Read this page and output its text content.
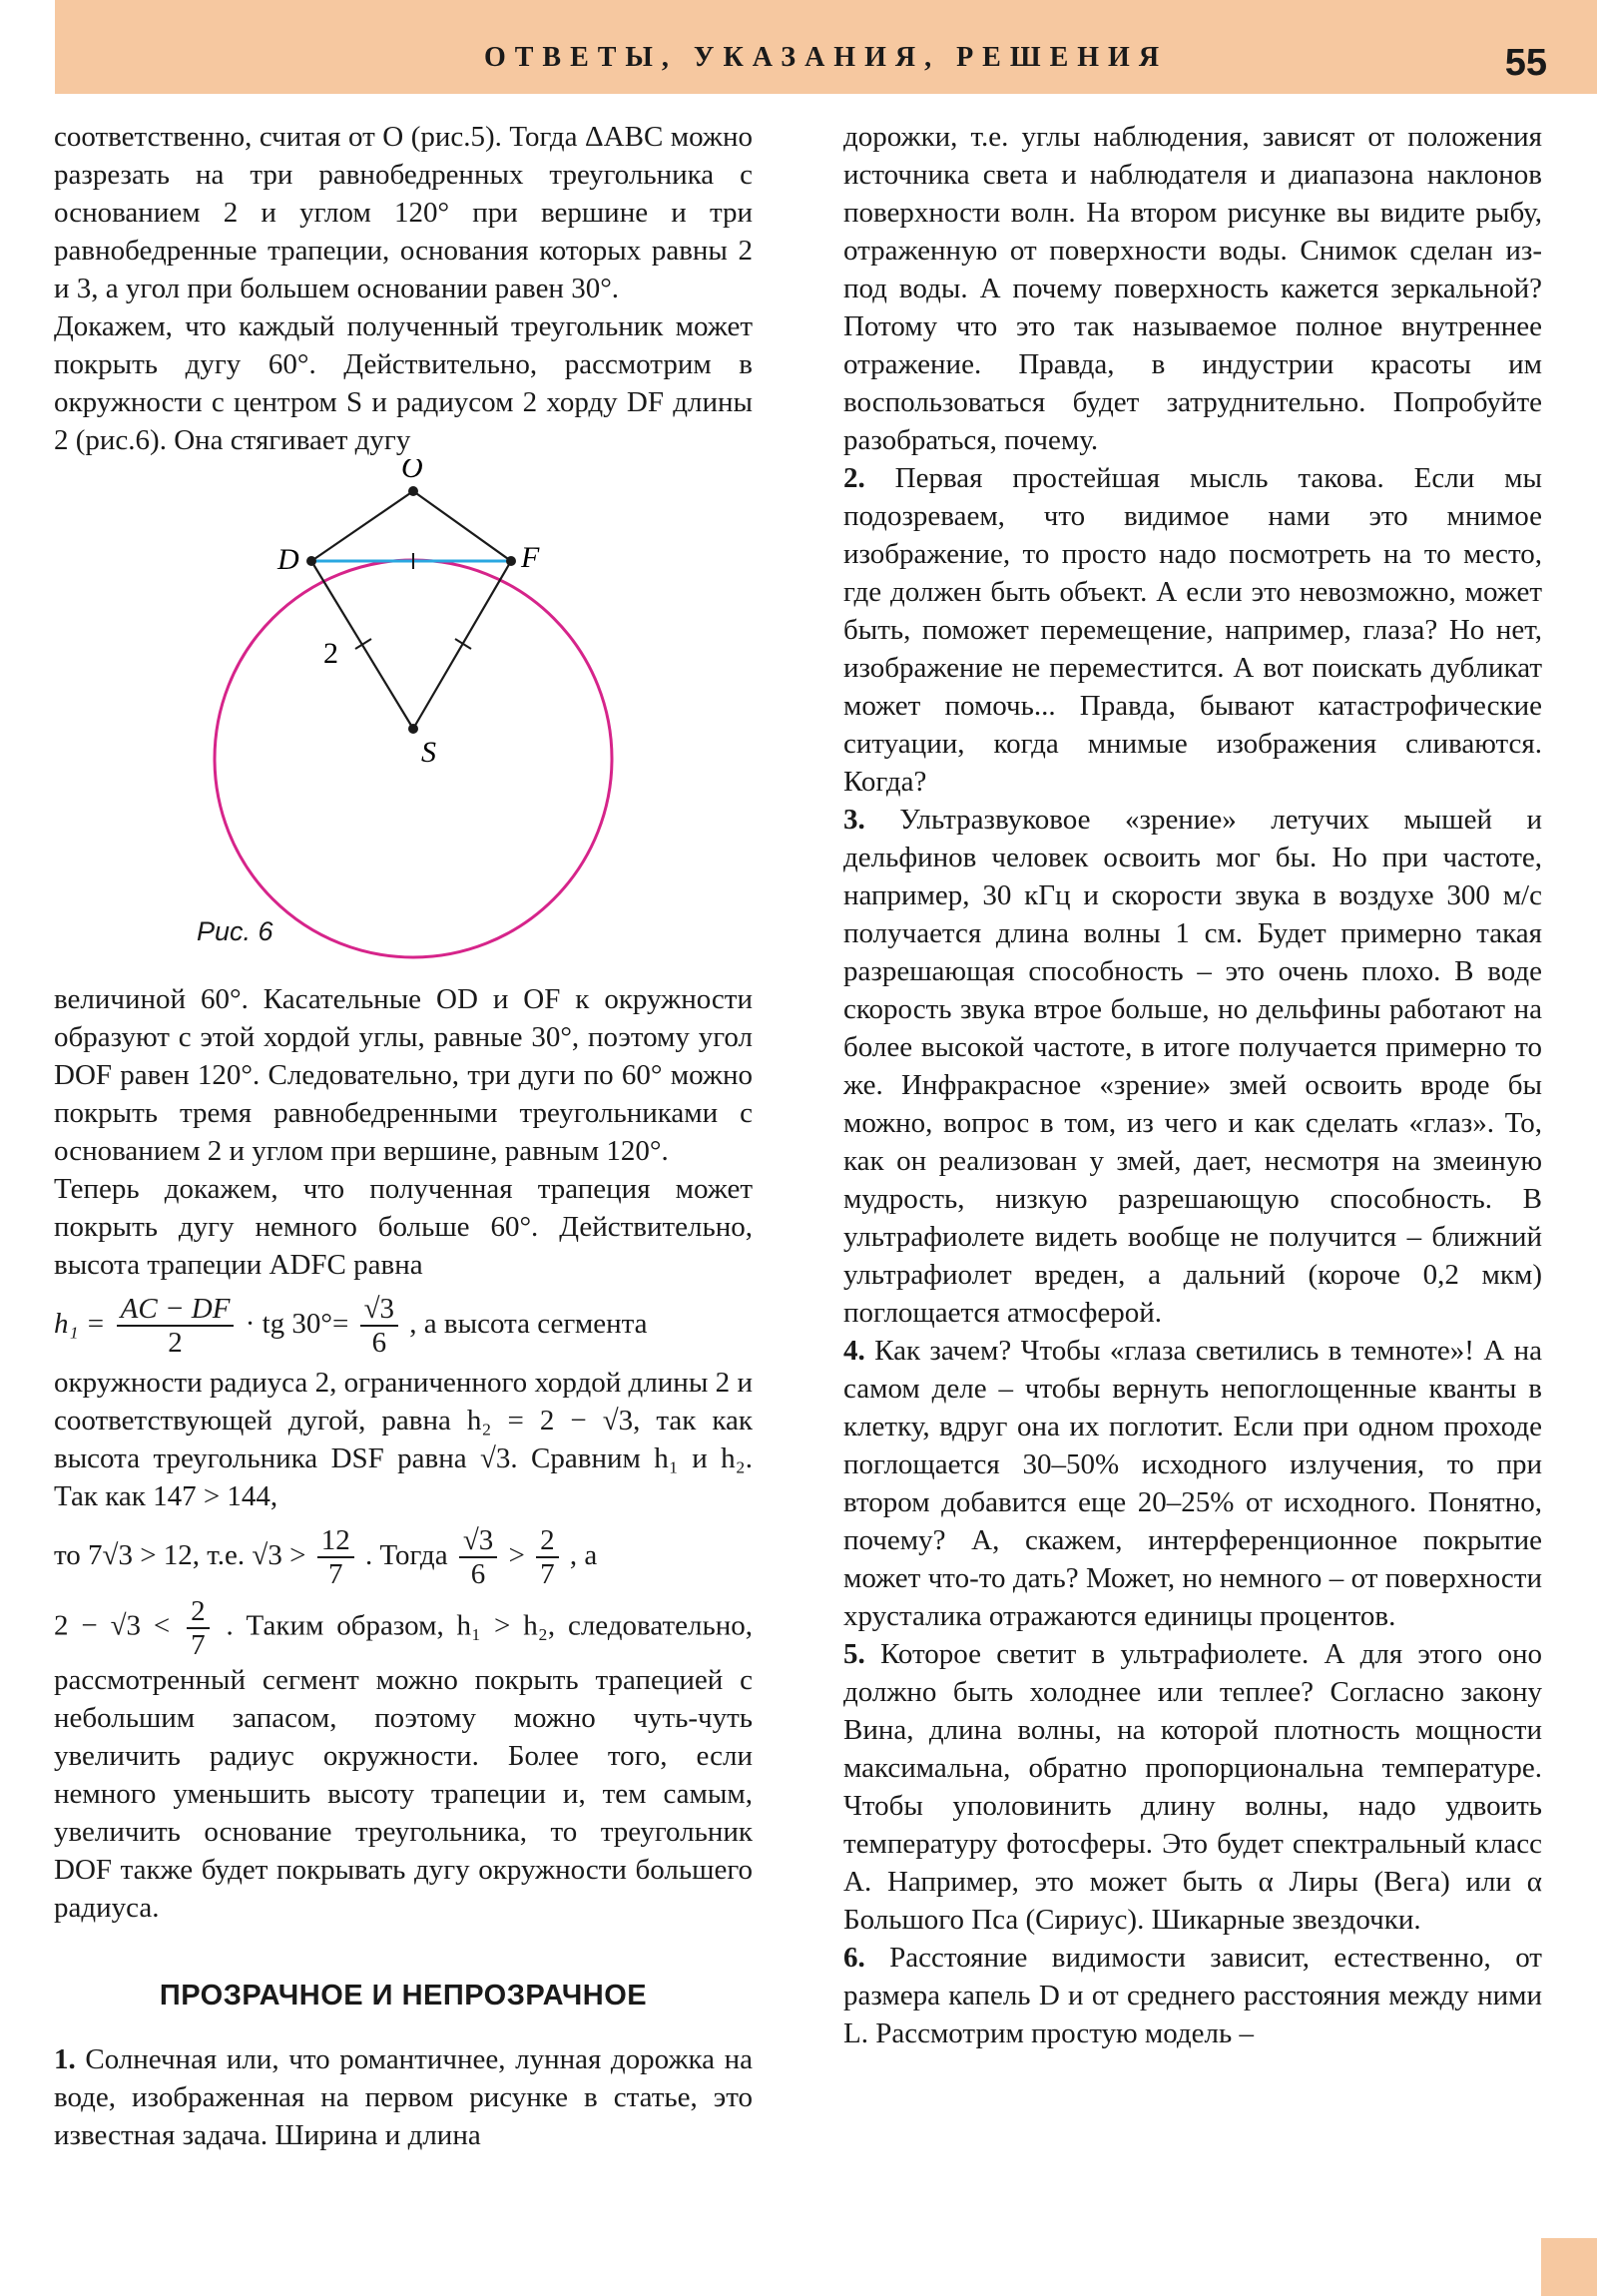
ОТВЕТЫ, УКАЗАНИЯ, РЕШЕНИЯ	55

соответственно, считая от O (рис.5). Тогда ΔABC можно разрезать на три равнобедренных треугольника с основанием 2 и углом 120° при вершине и три равнобедренные трапеции, основания которых равны 2 и 3, а угол при большем основании равен 30°.

Докажем, что каждый полученный треугольник может покрыть дугу 60°. Действительно, рассмотрим в окружности с центром S и радиусом 2 хорду DF длины 2 (рис.6). Она стягивает дугу

O
D	F
S
2
Рис. 6

величиной 60°. Касательные OD и OF к окружности образуют с этой хордой углы, равные 30°, поэтому угол DOF равен 120°. Следовательно, три дуги по 60° можно покрыть тремя равнобедренными треугольниками с основанием 2 и углом при вершине, равным 120°.

Теперь докажем, что полученная трапеция может покрыть дугу немного больше 60°. Действительно, высота трапеции ADFC равна

$h_1 = \frac{AC - DF}{2}$ · tg $30^\circ= \frac{√3}{6}$ , а высота сегмента

окружности радиуса 2, ограниченного хордой длины 2 и соответствующей дугой, равна h₂ = 2 − √3, так как высота треугольника DSF равна √3. Сравним h₁ и h₂. Так как 147 > 144,

то 7√3 > 12, т.е. $√3 > \frac{12}{7}$ . Тогда $\frac{√3}{6} > \frac{2}{7}$ , а

$2 - √3 < \frac{2}{7}$ . Таким образом, h₁ > h₂, следовательно, рассмотренный сегмент можно покрыть трапецией с небольшим запасом, поэтому можно чуть-чуть увеличить радиус окружности. Более того, если немного уменьшить высоту трапеции и, тем самым, увеличить основание треугольника, то треугольник DOF также будет покрывать дугу окружности большего радиуса.

ПРОЗРАЧНОЕ И НЕПРОЗРАЧНОЕ

1. Солнечная или, что романтичнее, лунная дорожка на воде, изображенная на первом рисунке в статье, это известная задача. Ширина и длина

дорожки, т.е. углы наблюдения, зависят от положения источника света и наблюдателя и диапазона наклонов поверхности волн. На втором рисунке вы видите рыбу, отраженную от поверхности воды. Снимок сделан из-под воды. А почему поверхность кажется зеркальной? Потому что это так называемое полное внутреннее отражение. Правда, в индустрии красоты им воспользоваться будет затруднительно. Попробуйте разобраться, почему.

2. Первая простейшая мысль такова. Если мы подозреваем, что видимое нами это мнимое изображение, то просто надо посмотреть на то место, где должен быть объект. А если это невозможно, может быть, поможет перемещение, например, глаза? Но нет, изображение не переместится. А вот поискать дубликат может помочь... Правда, бывают катастрофические ситуации, когда мнимые изображения сливаются. Когда?

3. Ультразвуковое «зрение» летучих мышей и дельфинов человек освоить мог бы. Но при частоте, например, 30 кГц и скорости звука в воздухе 300 м/с получается длина волны 1 см. Будет примерно такая разрешающая способность – это очень плохо. В воде скорость звука втрое больше, но дельфины работают на более высокой частоте, в итоге получается примерно то же. Инфракрасное «зрение» змей освоить вроде бы можно, вопрос в том, из чего и как сделать «глаз». То, как он реализован у змей, дает, несмотря на змеиную мудрость, низкую разрешающую способность. В ультрафиолете видеть вообще не получится – ближний ультрафиолет вреден, а дальний (короче 0,2 мкм) поглощается атмосферой.

4. Как зачем? Чтобы «глаза светились в темноте»! А на самом деле – чтобы вернуть непоглощенные кванты в клетку, вдруг она их поглотит. Если при одном проходе поглощается 30–50% исходного излучения, то при втором добавится еще 20–25% от исходного. Понятно, почему? А, скажем, интерференционное покрытие может что-то дать? Может, но немного – от поверхности хрусталика отражаются единицы процентов.

5. Которое светит в ультрафиолете. А для этого оно должно быть холоднее или теплее? Согласно закону Вина, длина волны, на которой плотность мощности максимальна, обратно пропорциональна температуре. Чтобы уполовинить длину волны, надо удвоить температуру фотосферы. Это будет спектральный класс A. Например, это может быть α Лиры (Вега) или α Большого Пса (Сириус). Шикарные звездочки.

6. Расстояние видимости зависит, естественно, от размера капель D и от среднего расстояния между ними L. Рассмотрим простую модель –
